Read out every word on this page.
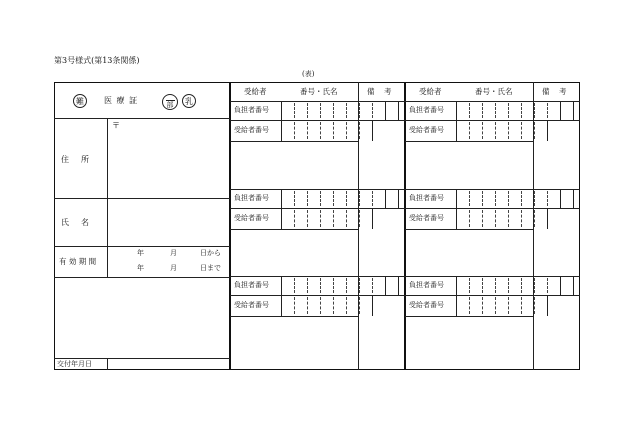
第3号様式(第13条関係)
(表)
難	医 療 証	部 乳
〒
住　所
氏　名
有 効 期 間
年	月	日から
年	月	日まで
交付年月日
受給者	番号・氏名	備　考
負担者番号
受給者番号
負担者番号
受給者番号
負担者番号
受給者番号
受給者	番号・氏名	備　考
負担者番号
受給者番号
負担者番号
受給者番号
負担者番号
受給者番号
